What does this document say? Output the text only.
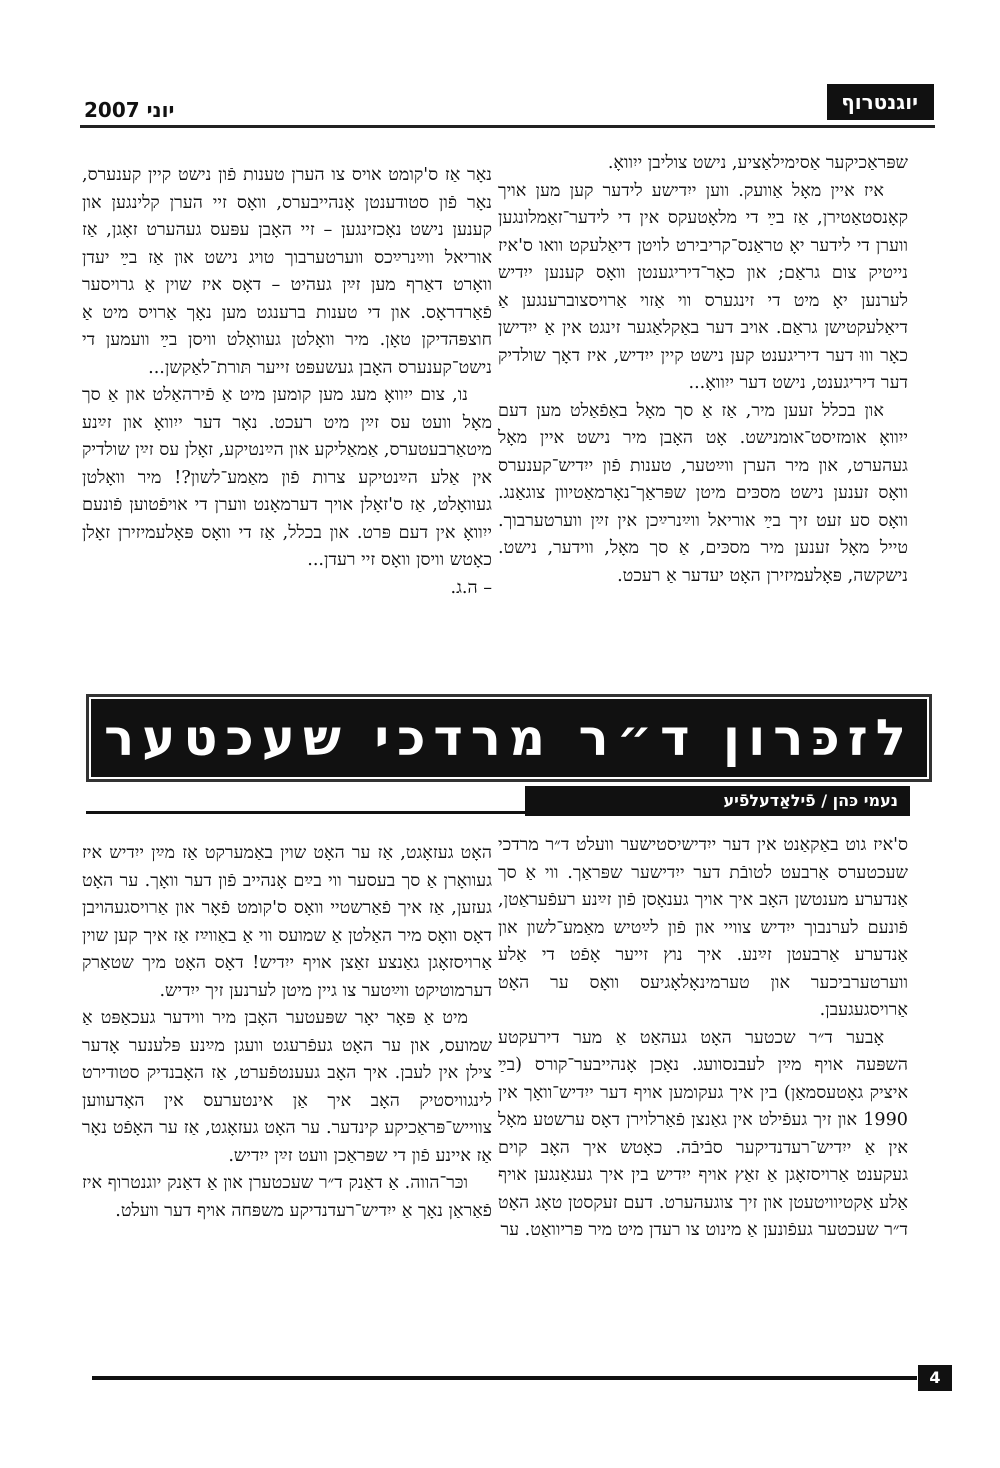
יוגנטרוף
יוני 2007

שפּראַכיקער אַסימילאַציע, נישט צוליבן ייִוואָ.

איז איין מאָל אַוועק. ווען ייִדישע לידער קען מען אויך קאָנסטאַטירן, אַז בײַ די מלאָטעקס אין די לידער־זאַמלונגען ווערן די לידער יאָ טראַנס־קריבירט לויטן דיאַלעקט וואו ס'איז נייטיק צום גראַם; און כאָר־דיריגענטן וואָס קענען ייִדיש לערנען יאָ מיט די זינגערס ווי אַזוי אַרויסצוברענגען אַ דיאַלעקטישן גראַם. אויב דער באַקלאַגער זינגט אין אַ ייִדישן כאָר וווּ דער דיריגענט קען נישט קיין ייִדיש, איז דאָך שולדיק דער דיריגענט, נישט דער ייִוואָ...

און בכלל זעען מיר, אַז אַ סך מאָל באַפֿאַלט מען דעם ייִוואָ אומזיסט־אומנישט. אָט האָבן מיר נישט איין מאָל געהערט, און מיר הערן ווײַטער, טענות פֿון ייִדיש־קענערס וואָס זענען נישט מסכּים מיטן שפּראַך־נאָרמאַטיוון צוגאַנג. וואָס סע זעט זיך בײַ אוריאל ווײַנרײַכן אין זײַן ווערטערבוך. טייל מאָל זענען מיר מסכּים, אַ סך מאָל, ווידער, נישט. נישקשה, פּאָלעמיזירן האָט יעדער אַ רעכט.

נאָר אַז ס'קומט אויס צו הערן טענות פֿון נישט קיין קענערס, נאָר פֿון סטודענטן אָנהייבערס, וואָס זיי הערן קלינגען און קענען נישט נאָכזינגען – זיי האָבן עפּעס געהערט זאָגן, אַז אוריאל ווײַנרײַכס ווערטערבוך טויג נישט און אַז בײַ יעדן וואָרט דאַרף מען זײַן געהיט – דאָס איז שוין אַ גרויסער פֿאַרדראָס. און די טענות ברענגט מען נאָך אַרויס מיט אַ חוצפּהדיקן טאָן. מיר וואָלטן געוואָלט וויסן בײַ וועמען די נישט־קענערס האָבן געשעפּט זייער תּורת־לאַקשן...

נו, צום ייִוואָ מעג מען קומען מיט אַ פֿירהאַלט און אַ סך מאָל וועט עס זײַן מיט רעכט. נאָר דער ייִוואָ און זײַנע מיטאַרבעטערס, אַמאַליקע און הײַנטיקע, זאָלן עס זײַן שולדיק אין אַלע הײַנטיקע צרות פֿון מאַמע־לשון?! מיר וואָלטן געוואָלט, אַז ס'זאָלן אויך דערמאָנט ווערן די אויפֿטוען פֿונעם ייִוואָ אין דעם פּרט. און בכלל, אַז די וואָס פּאָלעמיזירן זאָלן כאָטש וויסן וואָס זיי רעדן...

– ה.ג.

לזכּרון ד״ר מרדכי שעכטער
נעמי כּהן / פֿילאַדעלפֿיע

ס'איז גוט באַקאַנט אין דער ייִדישיסטישער וועלט ד״ר מרדכי שעכטערס אַרבעט לטובֿת דער ייִדישער שפּראַך. ווי אַ סך אַנדערע מענטשן האָב איך אויך גענאָסן פֿון זײַנע רעפֿעראַטן, פֿונעם לערנבוך ייִדיש צוויי און פֿון לײַטיש מאַמע־לשון און אַנדערע אַרבעטן זײַנע. איך נוץ זייער אָפֿט די אַלע ווערטערביכער און טערמינאָלאָגיעס וואָס ער האָט אַרויסגעגעבן.

אָבער ד״ר שכטער האָט געהאַט אַ מער דירעקטע השפּעה אויף מײַן לעבנסוועג. נאָכן אָנהייבער־קורס (בײַ איציק גאָטעסמאַן) בין איך געקומען אויף דער ייִדיש־וואָך אין 1990 און זיך געפֿילט אין גאַנצן פֿאַרלוירן דאָס ערשטע מאָל אין אַ ייִדיש־רעדנדיקער סבֿיבֿה. כאָטש איך האָב קוים געקענט אַרויסזאָגן אַ זאַץ אויף ייִדיש בין איך געגאַנגען אויף אַלע אַקטיוויטעטן און זיך צוגעהערט. דעם זעקסטן טאָג האָט ד״ר שעכטער געפֿונען אַ מינוט צו רעדן מיט מיר פּריוואַט. ער

האָט געזאָגט, אַז ער האָט שוין באַמערקט אַז מײַן ייִדיש איז געוואָרן אַ סך בעסער ווי בײַם אָנהייב פֿון דער וואָך. ער האָט געזען, אַז איך פֿאַרשטיי וואָס ס'קומט פֿאָר און אַרויסגעהויבן דאָס וואָס מיר האַלטן אַ שמועס ווי אַ באַווײַז אַז איך קען שוין אַרויסזאָגן גאַנצע זאַצן אויף ייִדיש! דאָס האָט מיך שטאַרק דערמוטיקט ווײַטער צו גיין מיטן לערנען זיך ייִדיש.

מיט אַ פּאָר יאָר שפּעטער האָבן מיר ווידער געכאַפּט אַ שמועס, און ער האָט געפֿרעגט וועגן מײַנע פּלענער אָדער צילן אין לעבן. איך האָב געענטפֿערט, אַז האָבנדיק סטודירט לינגוויסטיק האָב איך אַן אינטערעס אין האָדעווען צווייש־פּראַכיקע קינדער. ער האָט געזאָגט, אַז ער האָפֿט נאָר אַז איינע פֿון די שפּראַכן וועט זײַן ייִדיש.

וכּר־הווה. אַ דאַנק ד״ר שעכטערן און אַ דאַנק יוגנטרוף איז פֿאַראַן נאָך אַ ייִדיש־רעדנדיקע משפּחה אויף דער וועלט.

4
